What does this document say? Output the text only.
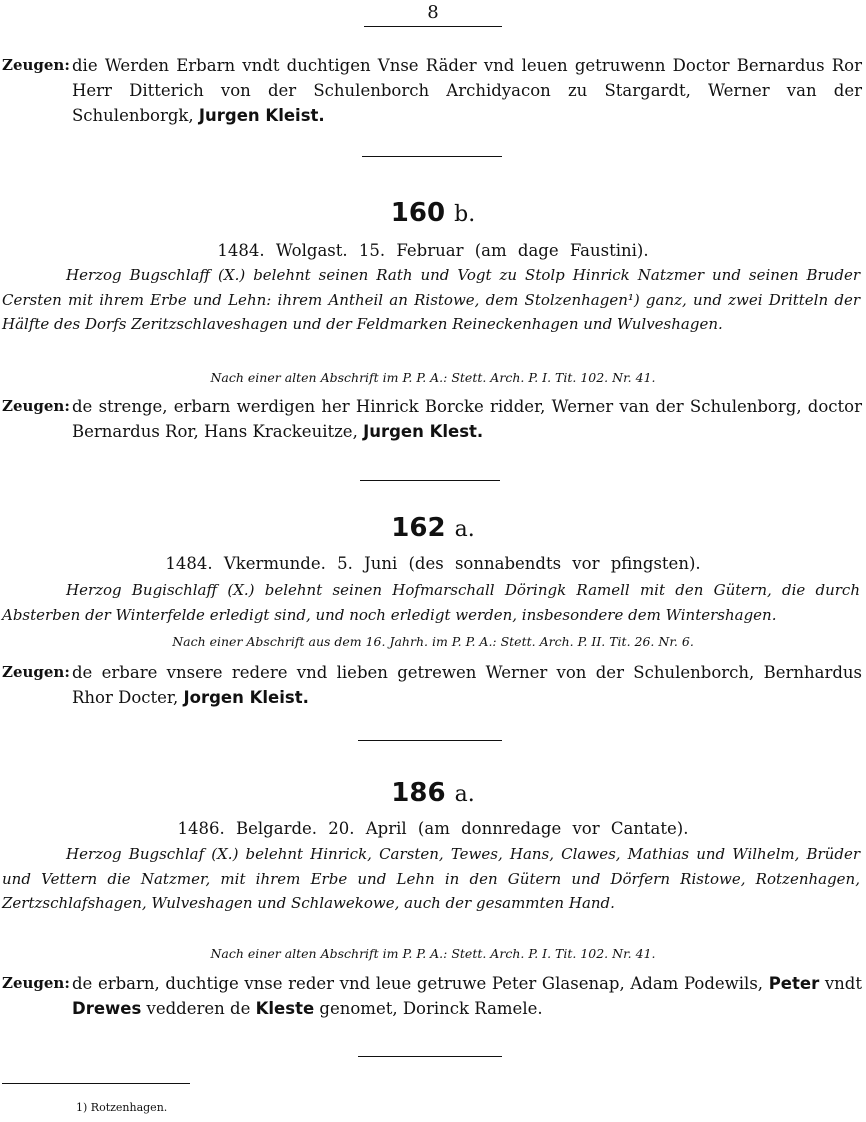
8
Zeugen: die Werden Erbarn vndt duchtigen Vnse Räder vnd leuen getruwenn Doctor Bernardus Ror Herr Ditterich von der Schulenborch Archidyacon zu Stargardt, Werner van der Schulenborgk, Jurgen Kleist.
160 b.
1484. Wolgast. 15. Februar (am dage Faustini).
Herzog Bugschlaff (X.) belehnt seinen Rath und Vogt zu Stolp Hinrick Natzmer und seinen Bruder Cersten mit ihrem Erbe und Lehn: ihrem Antheil an Ristowe, dem Stolzenhagen¹) ganz, und zwei Dritteln der Hälfte des Dorfs Zeritzschlaveshagen und der Feldmarken Reineckenhagen und Wulveshagen.
Nach einer alten Abschrift im P. P. A.: Stett. Arch. P. I. Tit. 102. Nr. 41.
Zeugen: de strenge, erbarn werdigen her Hinrick Borcke ridder, Werner van der Schulenborg, doctor Bernardus Ror, Hans Krackeuitze, Jurgen Klest.
162 a.
1484. Vkermunde. 5. Juni (des sonnabendts vor pfingsten).
Herzog Bugischlaff (X.) belehnt seinen Hofmarschall Döringk Ramell mit den Gütern, die durch Absterben der Winterfelde erledigt sind, und noch erledigt werden, insbesondere dem Wintershagen.
Nach einer Abschrift aus dem 16. Jahrh. im P. P. A.: Stett. Arch. P. II. Tit. 26. Nr. 6.
Zeugen: de erbare vnsere redere vnd lieben getrewen Werner von der Schulenborch, Bernhardus Rhor Docter, Jorgen Kleist.
186 a.
1486. Belgarde. 20. April (am donnredage vor Cantate).
Herzog Bugschlaf (X.) belehnt Hinrick, Carsten, Tewes, Hans, Clawes, Mathias und Wilhelm, Brüder und Vettern die Natzmer, mit ihrem Erbe und Lehn in den Gütern und Dörfern Ristowe, Rotzenhagen, Zertzschlafshagen, Wulveshagen und Schlawekowe, auch der gesammten Hand.
Nach einer alten Abschrift im P. P. A.: Stett. Arch. P. I. Tit. 102. Nr. 41.
Zeugen: de erbarn, duchtige vnse reder vnd leue getruwe Peter Glasenap, Adam Podewils, Peter vndt Drewes vedderen de Kleste genomet, Dorinck Ramele.
1) Rotzenhagen.
